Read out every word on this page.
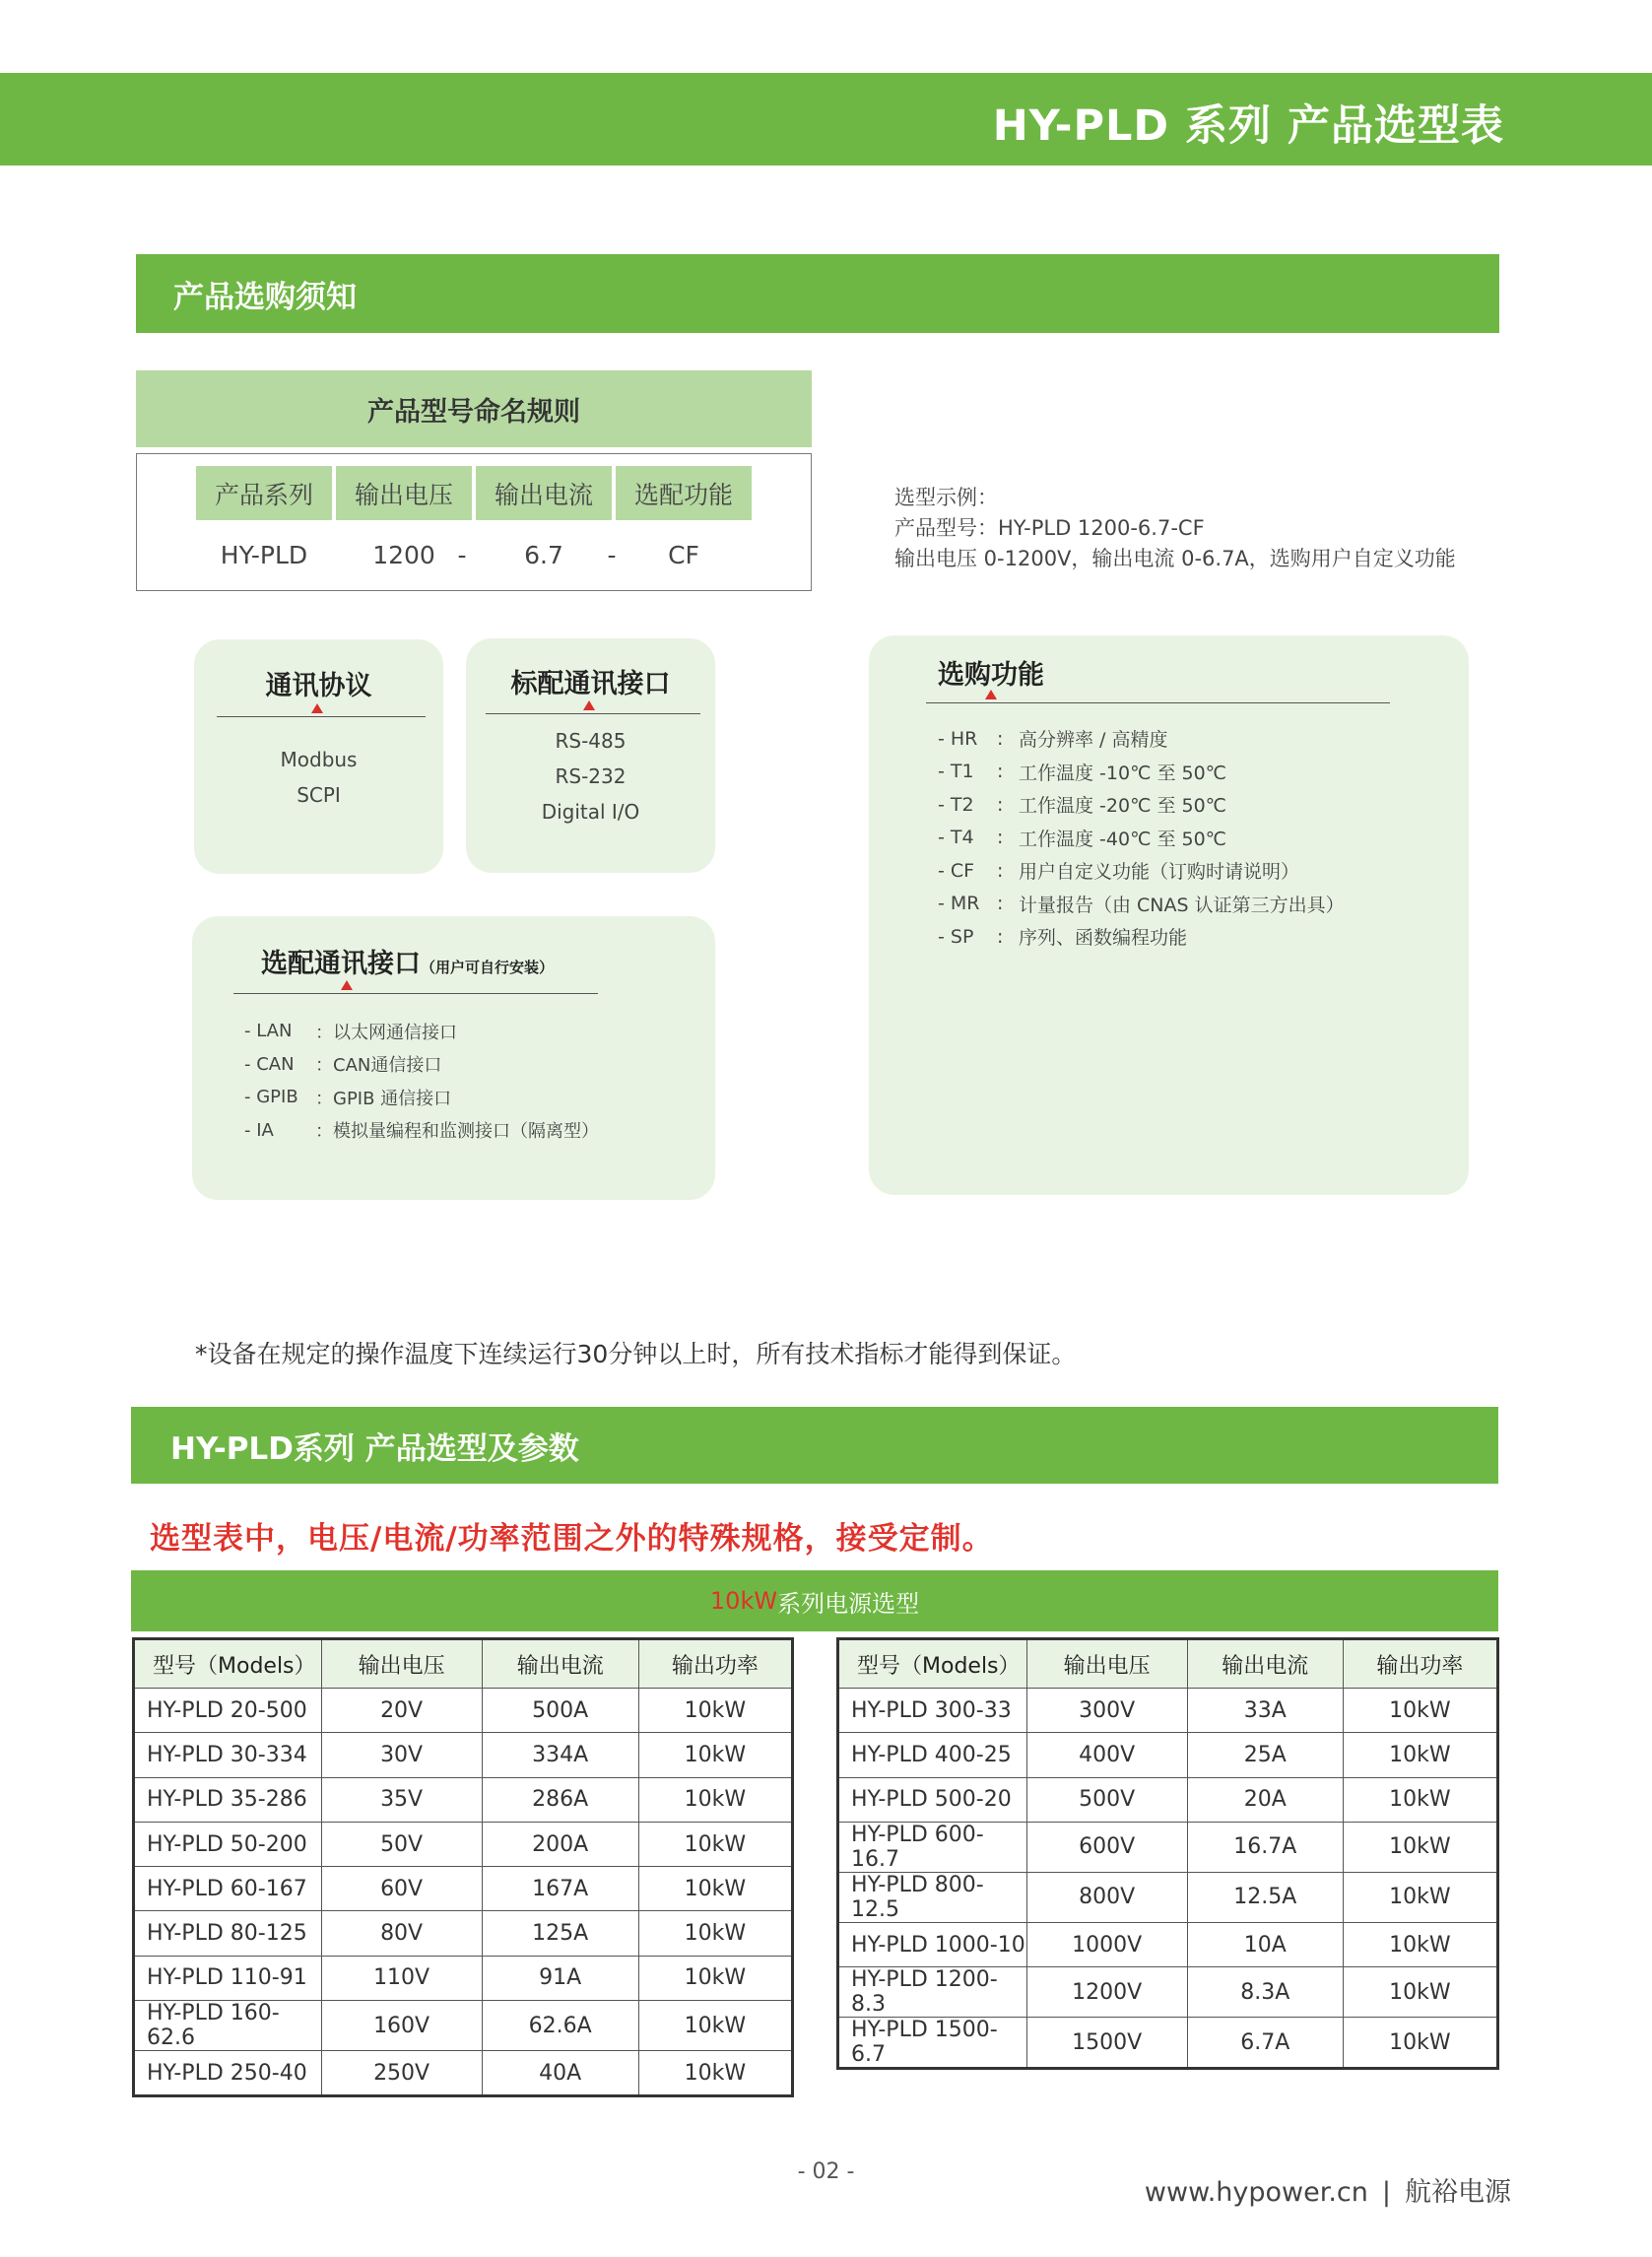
HY-PLD 系列 产品选型表
产品选购须知
产品型号命名规则
产品系列	输出电压	输出电流	选配功能
HY-PLD	1200 -	6.7	-	CF
选型示例：
产品型号：HY-PLD 1200-6.7-CF
输出电压 0-1200V，输出电流 0-6.7A，选购用户自定义功能
通讯协议
Modbus
SCPI
标配通讯接口
RS-485
RS-232
Digital I/O
选配通讯接口（用户可自行安装）
- LAN	：以太网通信接口
- CAN	：CAN通信接口
- GPIB ：GPIB 通信接口
- IA	：模拟量编程和监测接口（隔离型）
选购功能
- HR	: 高分辨率 / 高精度
- T1	: 工作温度 -10℃ 至 50℃
- T2	: 工作温度 -20℃ 至 50℃
- T4	: 工作温度 -40℃ 至 50℃
- CF	: 用户自定义功能（订购时请说明）
- MR : 计量报告（由 CNAS 认证第三方出具）
- SP	: 序列、函数编程功能
*设备在规定的操作温度下连续运行30分钟以上时，所有技术指标才能得到保证。
HY-PLD系列 产品选型及参数
选型表中，电压/电流/功率范围之外的特殊规格，接受定制。
10kW 系列电源选型
型号（Models）	输出电压	输出电流	输出功率
HY-PLD 20-500	20V	500A	10kW
HY-PLD 30-334	30V	334A	10kW
HY-PLD 35-286	35V	286A	10kW
HY-PLD 50-200	50V	200A	10kW
HY-PLD 60-167	60V	167A	10kW
HY-PLD 80-125	80V	125A	10kW
HY-PLD 110-91	110V	91A	10kW
HY-PLD 160-62.6	160V	62.6A	10kW
HY-PLD 250-40	250V	40A	10kW
型号（Models）	输出电压	输出电流	输出功率
HY-PLD 300-33	300V	33A	10kW
HY-PLD 400-25	400V	25A	10kW
HY-PLD 500-20	500V	20A	10kW
HY-PLD 600-16.7	600V	16.7A	10kW
HY-PLD 800-12.5	800V	12.5A	10kW
HY-PLD 1000-10	1000V	10A	10kW
HY-PLD 1200-8.3	1200V	8.3A	10kW
HY-PLD 1500-6.7	1500V	6.7A	10kW
- 02 -
www.hypower.cn | 航裕电源
